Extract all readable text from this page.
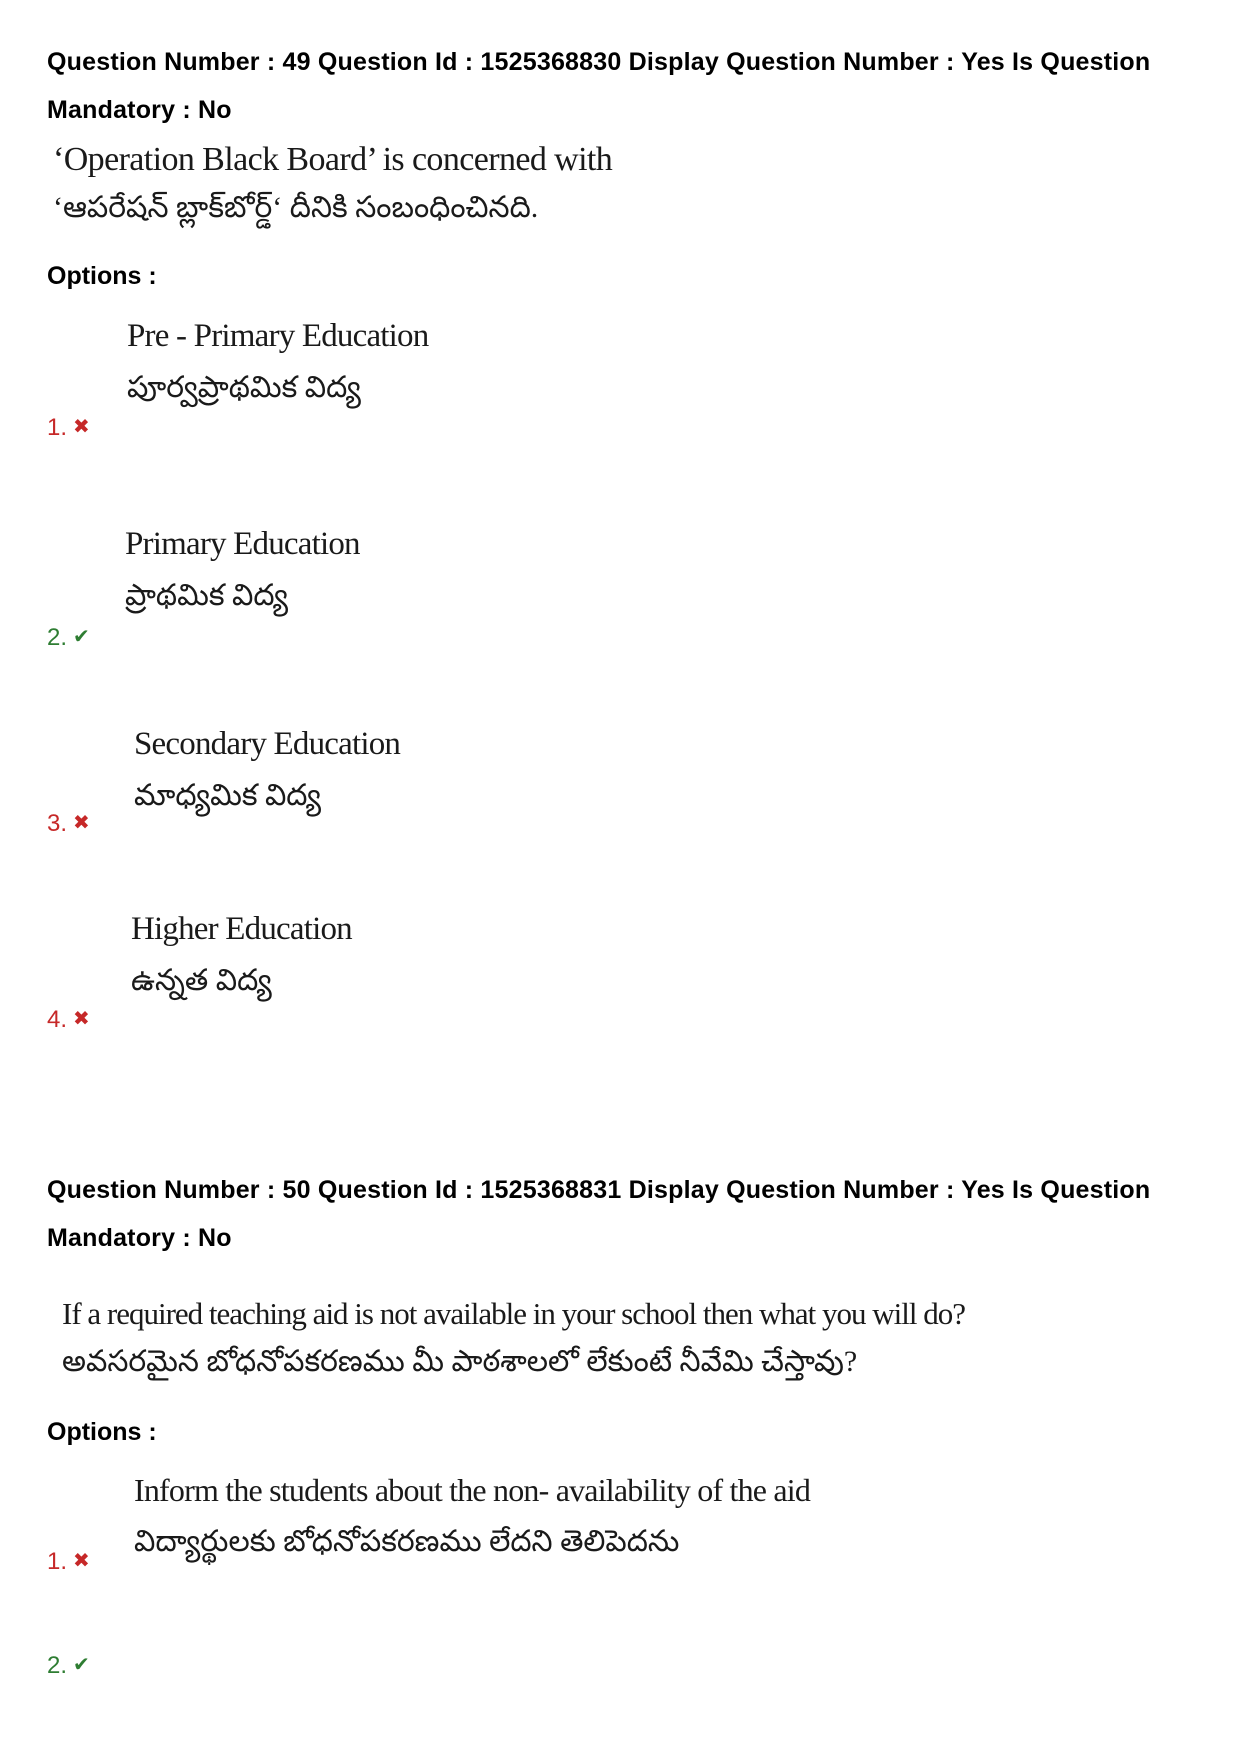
Question Number : 49 Question Id : 1525368830 Display Question Number : Yes Is Question
Mandatory : No
‘Operation Black Board’ is concerned with
‘ఆపరేషన్ బ్లాక్‌బోర్డ్‘ దీనికి సంబంధించినది.
Options :
Pre - Primary Education
పూర్వప్రాథమిక విద్య
1. ✖
Primary Education
ప్రాథమిక విద్య
2. ✔
Secondary Education
మాధ్యమిక విద్య
3. ✖
Higher Education
ఉన్నత విద్య
4. ✖
Question Number : 50 Question Id : 1525368831 Display Question Number : Yes Is Question
Mandatory : No
If a required teaching aid is not available in your school then what you will do?
అవసరమైన బోధనోపకరణము మీ పాఠశాలలో లేకుంటే నీవేమి చేస్తావు?
Options :
Inform the students about the non- availability of the aid
విద్యార్థులకు బోధనోపకరణము లేదని తెలిపెదను
1. ✖
2. ✔
